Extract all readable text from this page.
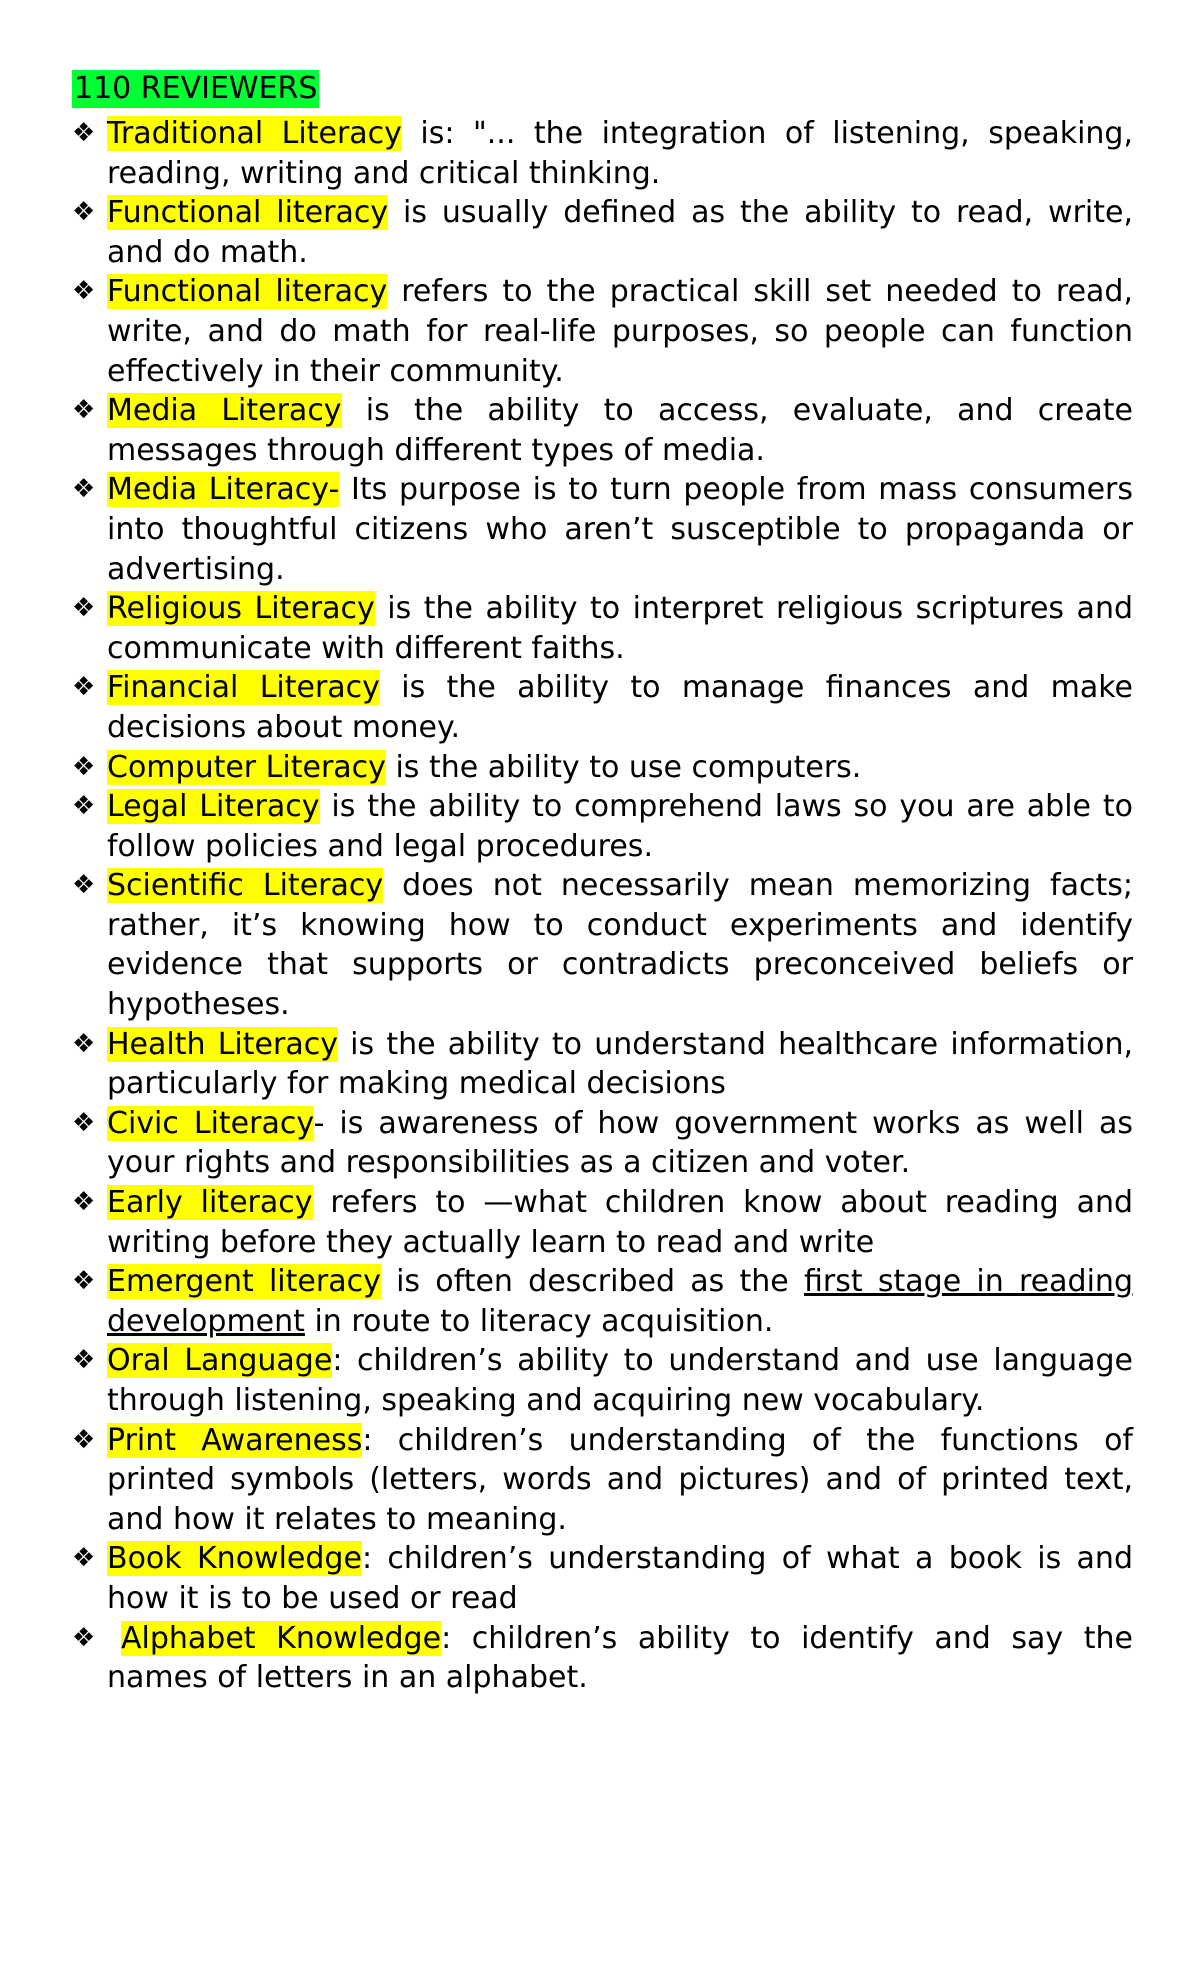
110 REVIEWERS
❖ Traditional Literacy is: "... the integration of listening, speaking, reading, writing and critical thinking.
❖ Functional literacy is usually defined as the ability to read, write, and do math.
❖ Functional literacy refers to the practical skill set needed to read, write, and do math for real-life purposes, so people can function effectively in their community.
❖ Media Literacy is the ability to access, evaluate, and create messages through different types of media.
❖ Media Literacy- Its purpose is to turn people from mass consumers into thoughtful citizens who aren’t susceptible to propaganda or advertising.
❖ Religious Literacy is the ability to interpret religious scriptures and communicate with different faiths.
❖ Financial Literacy is the ability to manage finances and make decisions about money.
❖ Computer Literacy is the ability to use computers.
❖ Legal Literacy is the ability to comprehend laws so you are able to follow policies and legal procedures.
❖ Scientific Literacy does not necessarily mean memorizing facts; rather, it’s knowing how to conduct experiments and identify evidence that supports or contradicts preconceived beliefs or hypotheses.
❖ Health Literacy is the ability to understand healthcare information, particularly for making medical decisions
❖ Civic Literacy- is awareness of how government works as well as your rights and responsibilities as a citizen and voter.
❖ Early literacy refers to —what children know about reading and writing before they actually learn to read and write
❖ Emergent literacy is often described as the first stage in reading development in route to literacy acquisition.
❖ Oral Language: children’s ability to understand and use language through listening, speaking and acquiring new vocabulary.
❖ Print Awareness: children’s understanding of the functions of printed symbols (letters, words and pictures) and of printed text, and how it relates to meaning.
❖ Book Knowledge: children’s understanding of what a book is and how it is to be used or read
❖ Alphabet Knowledge: children’s ability to identify and say the names of letters in an alphabet.
